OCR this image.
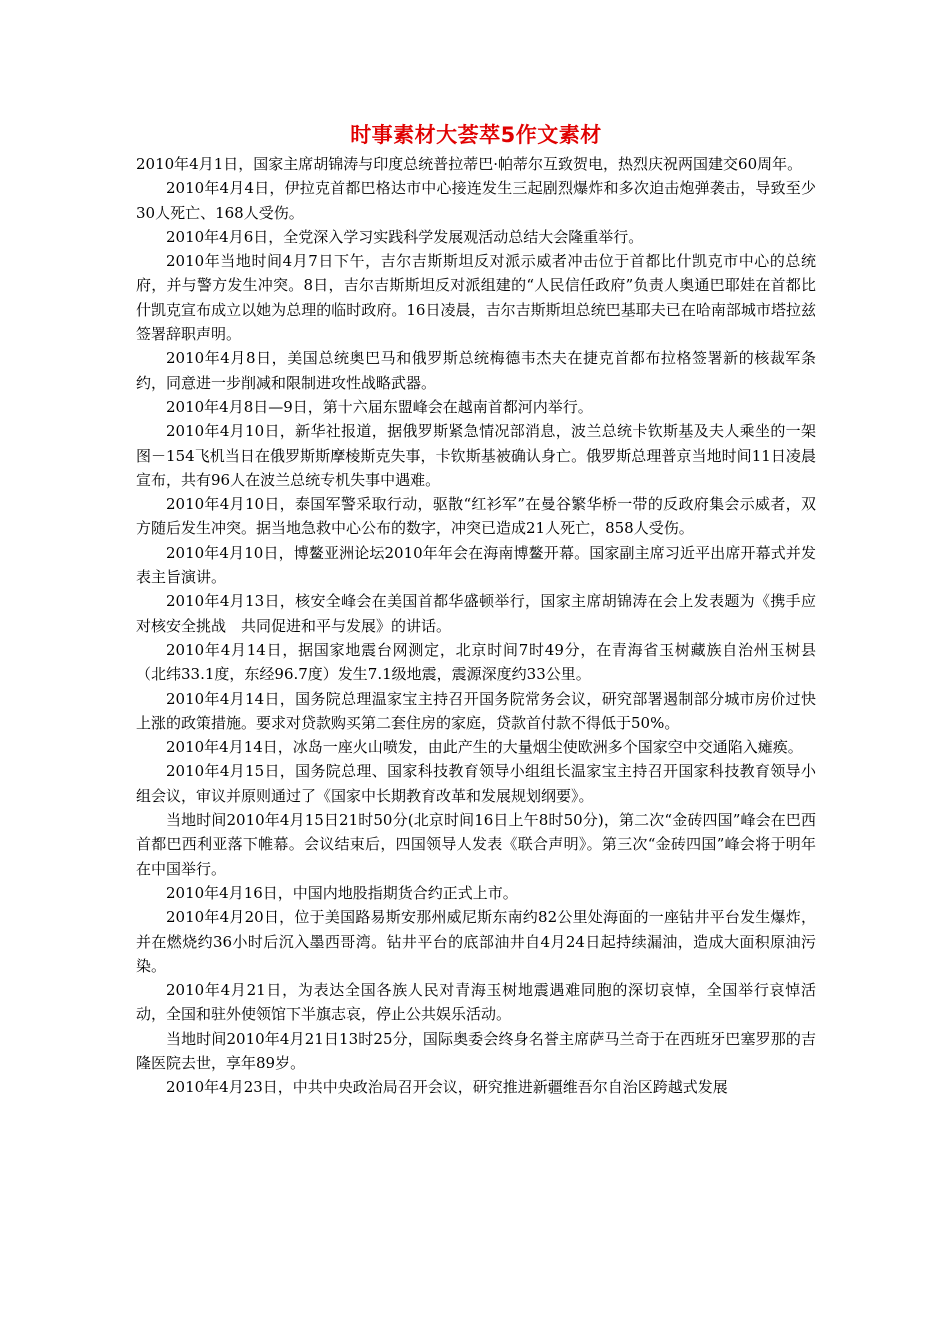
时事素材大荟萃5作文素材

2010年4月1日，国家主席胡锦涛与印度总统普拉蒂巴·帕蒂尔互致贺电，热烈庆祝两国建交60周年。

2010年4月4日，伊拉克首都巴格达市中心接连发生三起剧烈爆炸和多次迫击炮弹袭击，导致至少30人死亡、168人受伤。

2010年4月6日，全党深入学习实践科学发展观活动总结大会隆重举行。

2010年当地时间4月7日下午，吉尔吉斯斯坦反对派示威者冲击位于首都比什凯克市中心的总统府，并与警方发生冲突。8日，吉尔吉斯斯坦反对派组建的“人民信任政府”负责人奥通巴耶娃在首都比什凯克宣布成立以她为总理的临时政府。16日凌晨，吉尔吉斯斯坦总统巴基耶夫已在哈南部城市塔拉兹签署辞职声明。

2010年4月8日，美国总统奥巴马和俄罗斯总统梅德韦杰夫在捷克首都布拉格签署新的核裁军条约，同意进一步削减和限制进攻性战略武器。

2010年4月8日—9日，第十六届东盟峰会在越南首都河内举行。

2010年4月10日，新华社报道，据俄罗斯紧急情况部消息，波兰总统卡钦斯基及夫人乘坐的一架图－154飞机当日在俄罗斯斯摩棱斯克失事，卡钦斯基被确认身亡。俄罗斯总理普京当地时间11日凌晨宣布，共有96人在波兰总统专机失事中遇难。

2010年4月10日，泰国军警采取行动，驱散“红衫军”在曼谷繁华桥一带的反政府集会示威者，双方随后发生冲突。据当地急救中心公布的数字，冲突已造成21人死亡，858人受伤。

2010年4月10日，博鳌亚洲论坛2010年年会在海南博鳌开幕。国家副主席习近平出席开幕式并发表主旨演讲。

2010年4月13日，核安全峰会在美国首都华盛顿举行，国家主席胡锦涛在会上发表题为《携手应对核安全挑战　共同促进和平与发展》的讲话。

2010年4月14日，据国家地震台网测定，北京时间7时49分，在青海省玉树藏族自治州玉树县（北纬33.1度，东经96.7度）发生7.1级地震，震源深度约33公里。

2010年4月14日，国务院总理温家宝主持召开国务院常务会议，研究部署遏制部分城市房价过快上涨的政策措施。要求对贷款购买第二套住房的家庭，贷款首付款不得低于50%。

2010年4月14日，冰岛一座火山喷发，由此产生的大量烟尘使欧洲多个国家空中交通陷入瘫痪。

2010年4月15日，国务院总理、国家科技教育领导小组组长温家宝主持召开国家科技教育领导小组会议，审议并原则通过了《国家中长期教育改革和发展规划纲要》。

当地时间2010年4月15日21时50分(北京时间16日上午8时50分)，第二次“金砖四国”峰会在巴西首都巴西利亚落下帷幕。会议结束后，四国领导人发表《联合声明》。第三次“金砖四国”峰会将于明年在中国举行。

2010年4月16日，中国内地股指期货合约正式上市。

2010年4月20日，位于美国路易斯安那州威尼斯东南约82公里处海面的一座钻井平台发生爆炸，并在燃烧约36小时后沉入墨西哥湾。钻井平台的底部油井自4月24日起持续漏油，造成大面积原油污染。

2010年4月21日，为表达全国各族人民对青海玉树地震遇难同胞的深切哀悼，全国举行哀悼活动，全国和驻外使领馆下半旗志哀，停止公共娱乐活动。

当地时间2010年4月21日13时25分，国际奥委会终身名誉主席萨马兰奇于在西班牙巴塞罗那的吉隆医院去世，享年89岁。

2010年4月23日，中共中央政治局召开会议，研究推进新疆维吾尔自治区跨越式发展
